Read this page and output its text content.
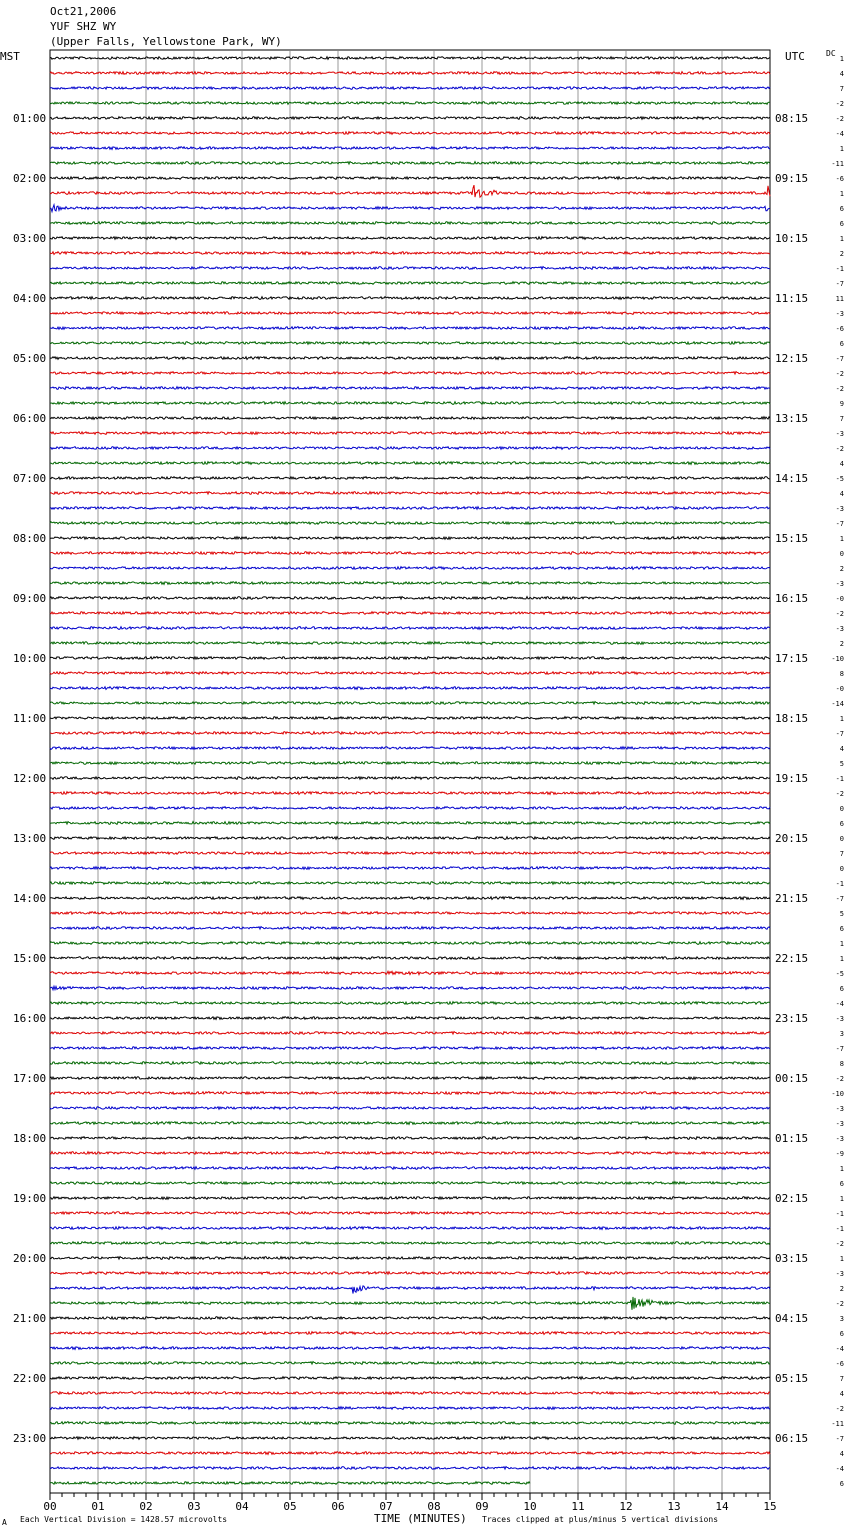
01:00
02:00
03:00
04:00
05:00
06:00
07:00
08:00
09:00
10:00
11:00
12:00
13:00
14:00
15:00
16:00
17:00
18:00
19:00
20:00
21:00
22:00
23:00
08:15
09:15
10:15
11:15
12:15
13:15
14:15
15:15
16:15
17:15
18:15
19:15
20:15
21:15
22:15
23:15
00:15
01:15
02:15
03:15
04:15
05:15
06:15
1
4
7
-2
-2
-4
1
-11
-6
1
6
6
1
2
-1
-7
11
-3
-6
6
-7
-2
-2
9
7
-3
-2
4
-5
4
-3
-7
1
0
2
-3
-0
-2
-3
2
-10
8
-0
-14
1
-7
4
5
-1
-2
0
6
0
7
0
-1
-7
5
6
1
1
-5
6
-4
-3
3
-7
8
-2
-10
-3
-3
-3
-9
1
6
1
-1
-1
-2
1
-3
2
-2
3
6
-4
-6
7
4
-2
-11
-7
4
-4
6
00	01	02	03	04	05	06	07	08	09	10	11	12	13	14	15
Oct21,2006
YUF SHZ WY
(Upper Falls, Yellowstone Park, WY)
MST	UTC	DC
A Each Vertical Division = 1428.57 microvolts	TIME (MINUTES) Traces clipped at plus/minus 5 vertical divisions
